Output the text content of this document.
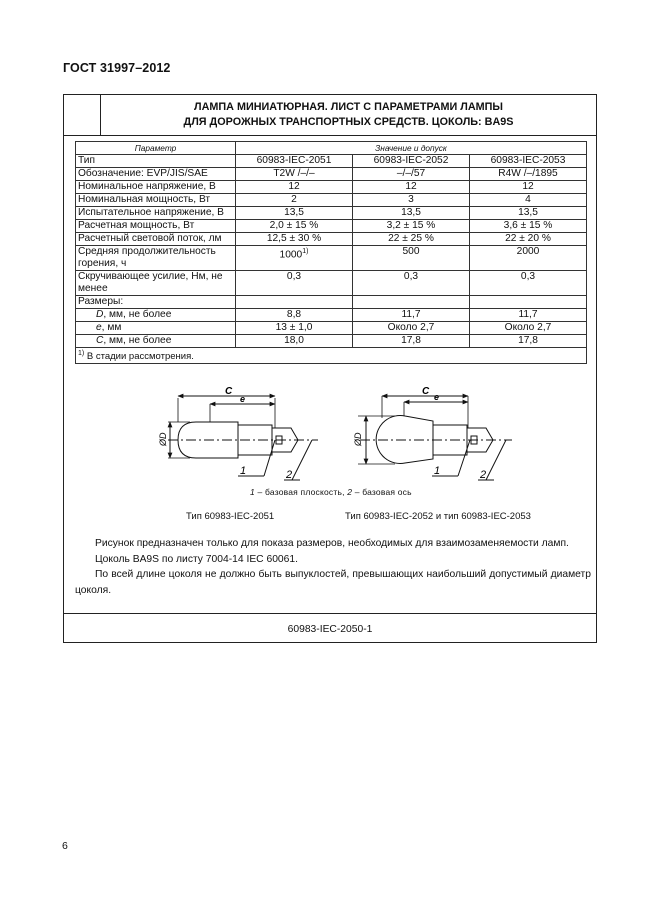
ГОСТ 31997–2012
ЛАМПА МИНИАТЮРНАЯ. ЛИСТ С ПАРАМЕТРАМИ ЛАМПЫ
ДЛЯ ДОРОЖНЫХ ТРАНСПОРТНЫХ СРЕДСТВ. ЦОКОЛЬ: BA9S
Параметр	Значение и допуск		
Тип	60983-IEC-2051	60983-IEC-2052	60983-IEC-2053
Обозначение: EVP/JIS/SAE	T2W /–/–	–/–/57	R4W /–/1895
Номинальное напряжение, В	12	12	12
Номинальная мощность, Вт	2	3	4
Испытательное напряжение, В	13,5	13,5	13,5
Расчетная мощность, Вт	2,0 ± 15 %	3,2 ± 15 %	3,6 ± 15 %
Расчетный световой поток, лм	12,5 ± 30 %	22 ± 25 %	22 ± 20 %
Средняя продолжительность горения, ч	1000$^{1)}$	500	2000
Скручивающее усилие, Нм, не менее	0,3	0,3	0,3
Размеры:			
D, мм, не более	8,8	11,7	11,7
e, мм	13 ± 1,0	Около 2,7	Около 2,7
C, мм, не более	18,0	17,8	17,8
$^{1)}$ В стадии рассмотрения.			
60983-IEC-2050-1
C
e
ØD
1	2
C e
ØD
1	2
1 – базовая плоскость, 2 – базовая ось
Тип 60983-IEC-2051	Тип 60983-IEC-2052 и тип 60983-IEC-2053

Рисунок предназначен только для показа размеров, необходимых для взаимозаменяемости ламп.

Цоколь BA9S по листу 7004-14 IEC 60061.

По всей длине цоколя не должно быть выпуклостей, превышающих наибольший допустимый диаметр цоколя.

6
